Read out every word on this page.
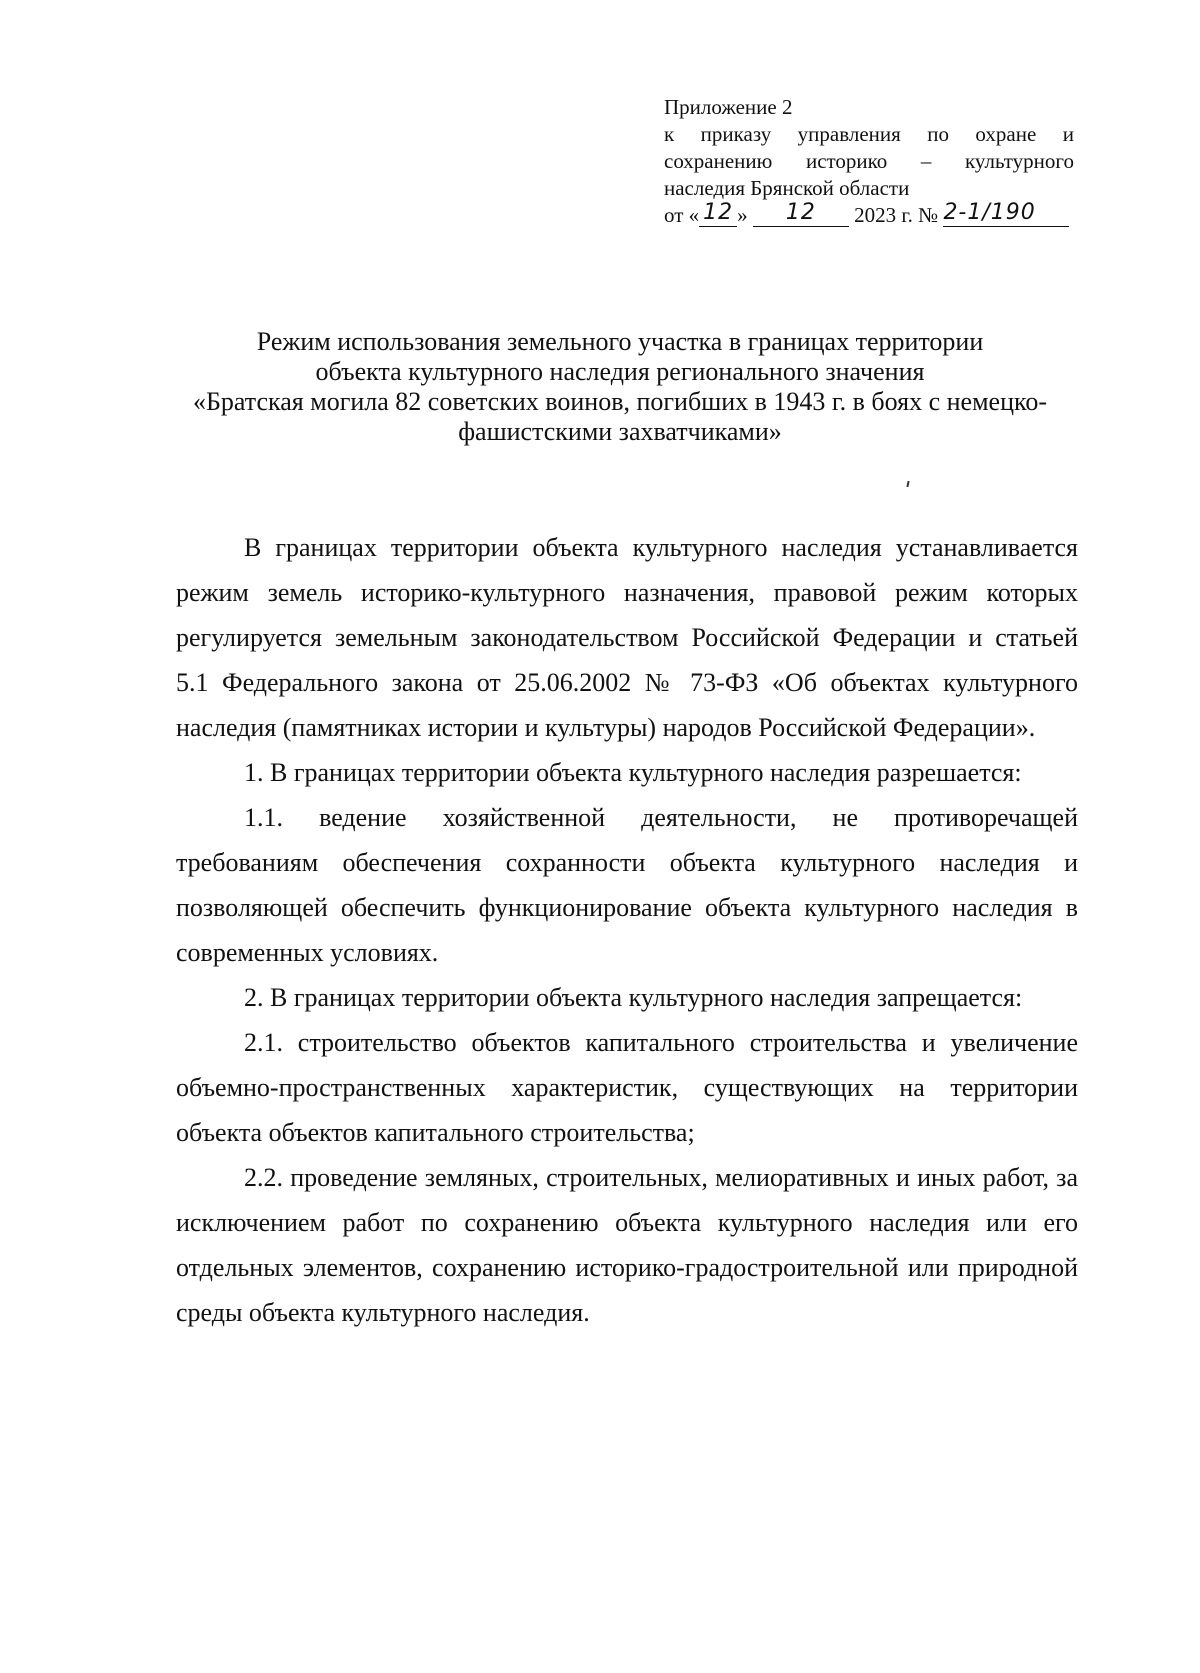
Приложение 2
к приказу управления по охране и
сохранению историко – культурного
наследия Брянской области
от « 12 » 12 2023 г. № 2-1/190
Режим использования земельного участка в границах территории
объекта культурного наследия регионального значения
«Братская могила 82 советских воинов, погибших в 1943 г. в боях с немецко-
фашистскими захватчиками»

В границах территории объекта культурного наследия устанавливается режим земель историко-культурного назначения, правовой режим которых регулируется земельным законодательством Российской Федерации и статьей 5.1 Федерального закона от 25.06.2002 № 73-ФЗ «Об объектах культурного наследия (памятниках истории и культуры) народов Российской Федерации».

1. В границах территории объекта культурного наследия разрешается:

1.1. ведение хозяйственной деятельности, не противоречащей требованиям обеспечения сохранности объекта культурного наследия и позволяющей обеспечить функционирование объекта культурного наследия в современных условиях.

2. В границах территории объекта культурного наследия запрещается:

2.1. строительство объектов капитального строительства и увеличение объемно-пространственных характеристик, существующих на территории объекта объектов капитального строительства;

2.2. проведение земляных, строительных, мелиоративных и иных работ, за исключением работ по сохранению объекта культурного наследия или его отдельных элементов, сохранению историко-градостроительной или природной среды объекта культурного наследия.
